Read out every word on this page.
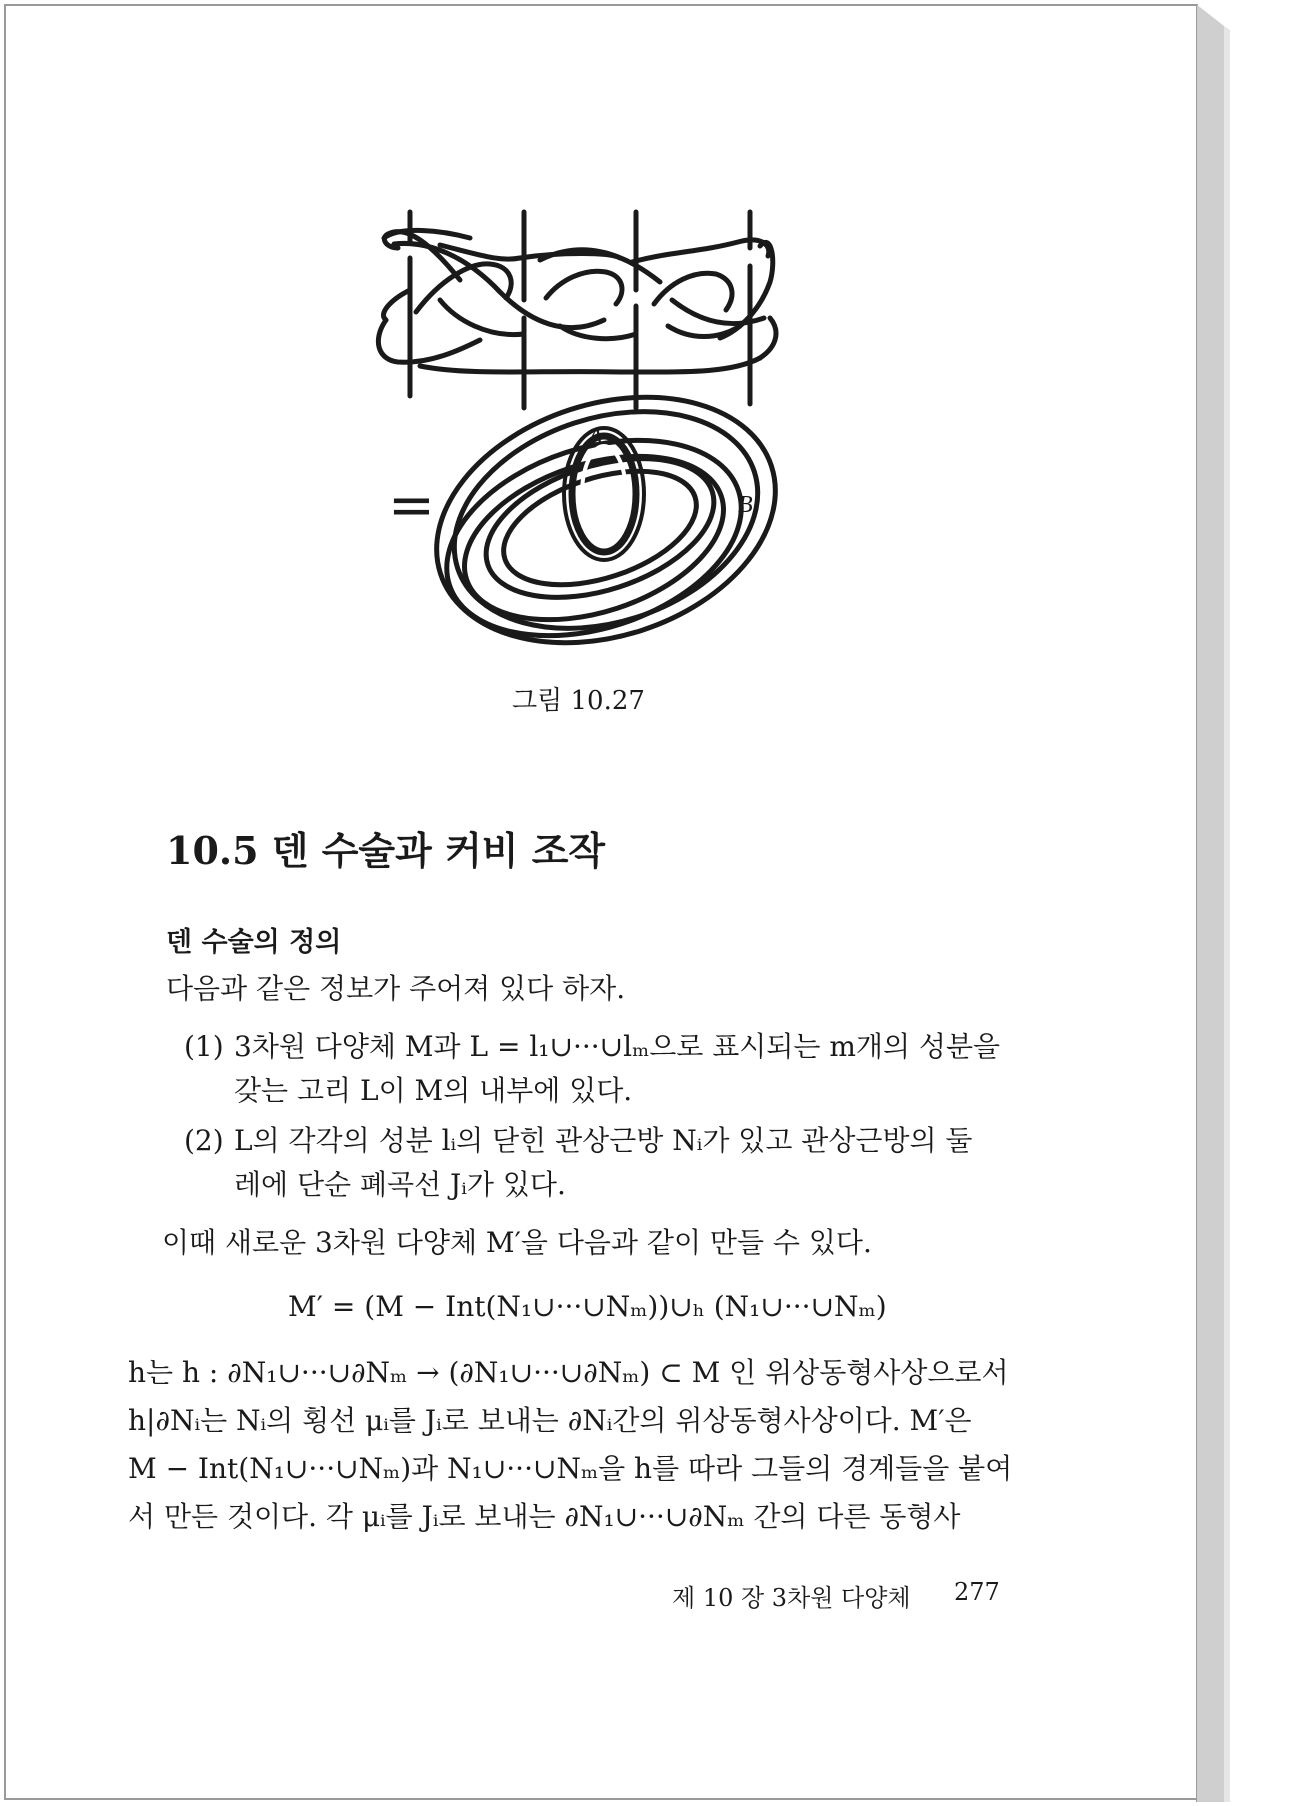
=
A
B
그림 10.27
10.5 덴 수술과 커비 조작
덴 수술의 정의
다음과 같은 정보가 주어져 있다 하자.
(1) 3차원 다양체 M과 L = l₁∪···∪lₘ으로 표시되는 m개의 성분을
갖는 고리 L이 M의 내부에 있다.
(2) L의 각각의 성분 lᵢ의 닫힌 관상근방 Nᵢ가 있고 관상근방의 둘
레에 단순 폐곡선 Jᵢ가 있다.
이때 새로운 3차원 다양체 M′을 다음과 같이 만들 수 있다.
M′ = (M − Int(N₁∪···∪Nₘ))∪ₕ (N₁∪···∪Nₘ)
h는 h : ∂N₁∪···∪∂Nₘ → (∂N₁∪···∪∂Nₘ) ⊂ M 인 위상동형사상으로서
h|∂Nᵢ는 Nᵢ의 횡선 μᵢ를 Jᵢ로 보내는 ∂Nᵢ간의 위상동형사상이다. M′은
M − Int(N₁∪···∪Nₘ)과 N₁∪···∪Nₘ을 h를 따라 그들의 경계들을 붙여
서 만든 것이다. 각 μᵢ를 Jᵢ로 보내는 ∂N₁∪···∪∂Nₘ 간의 다른 동형사
제 10 장 3차원 다양체 277
